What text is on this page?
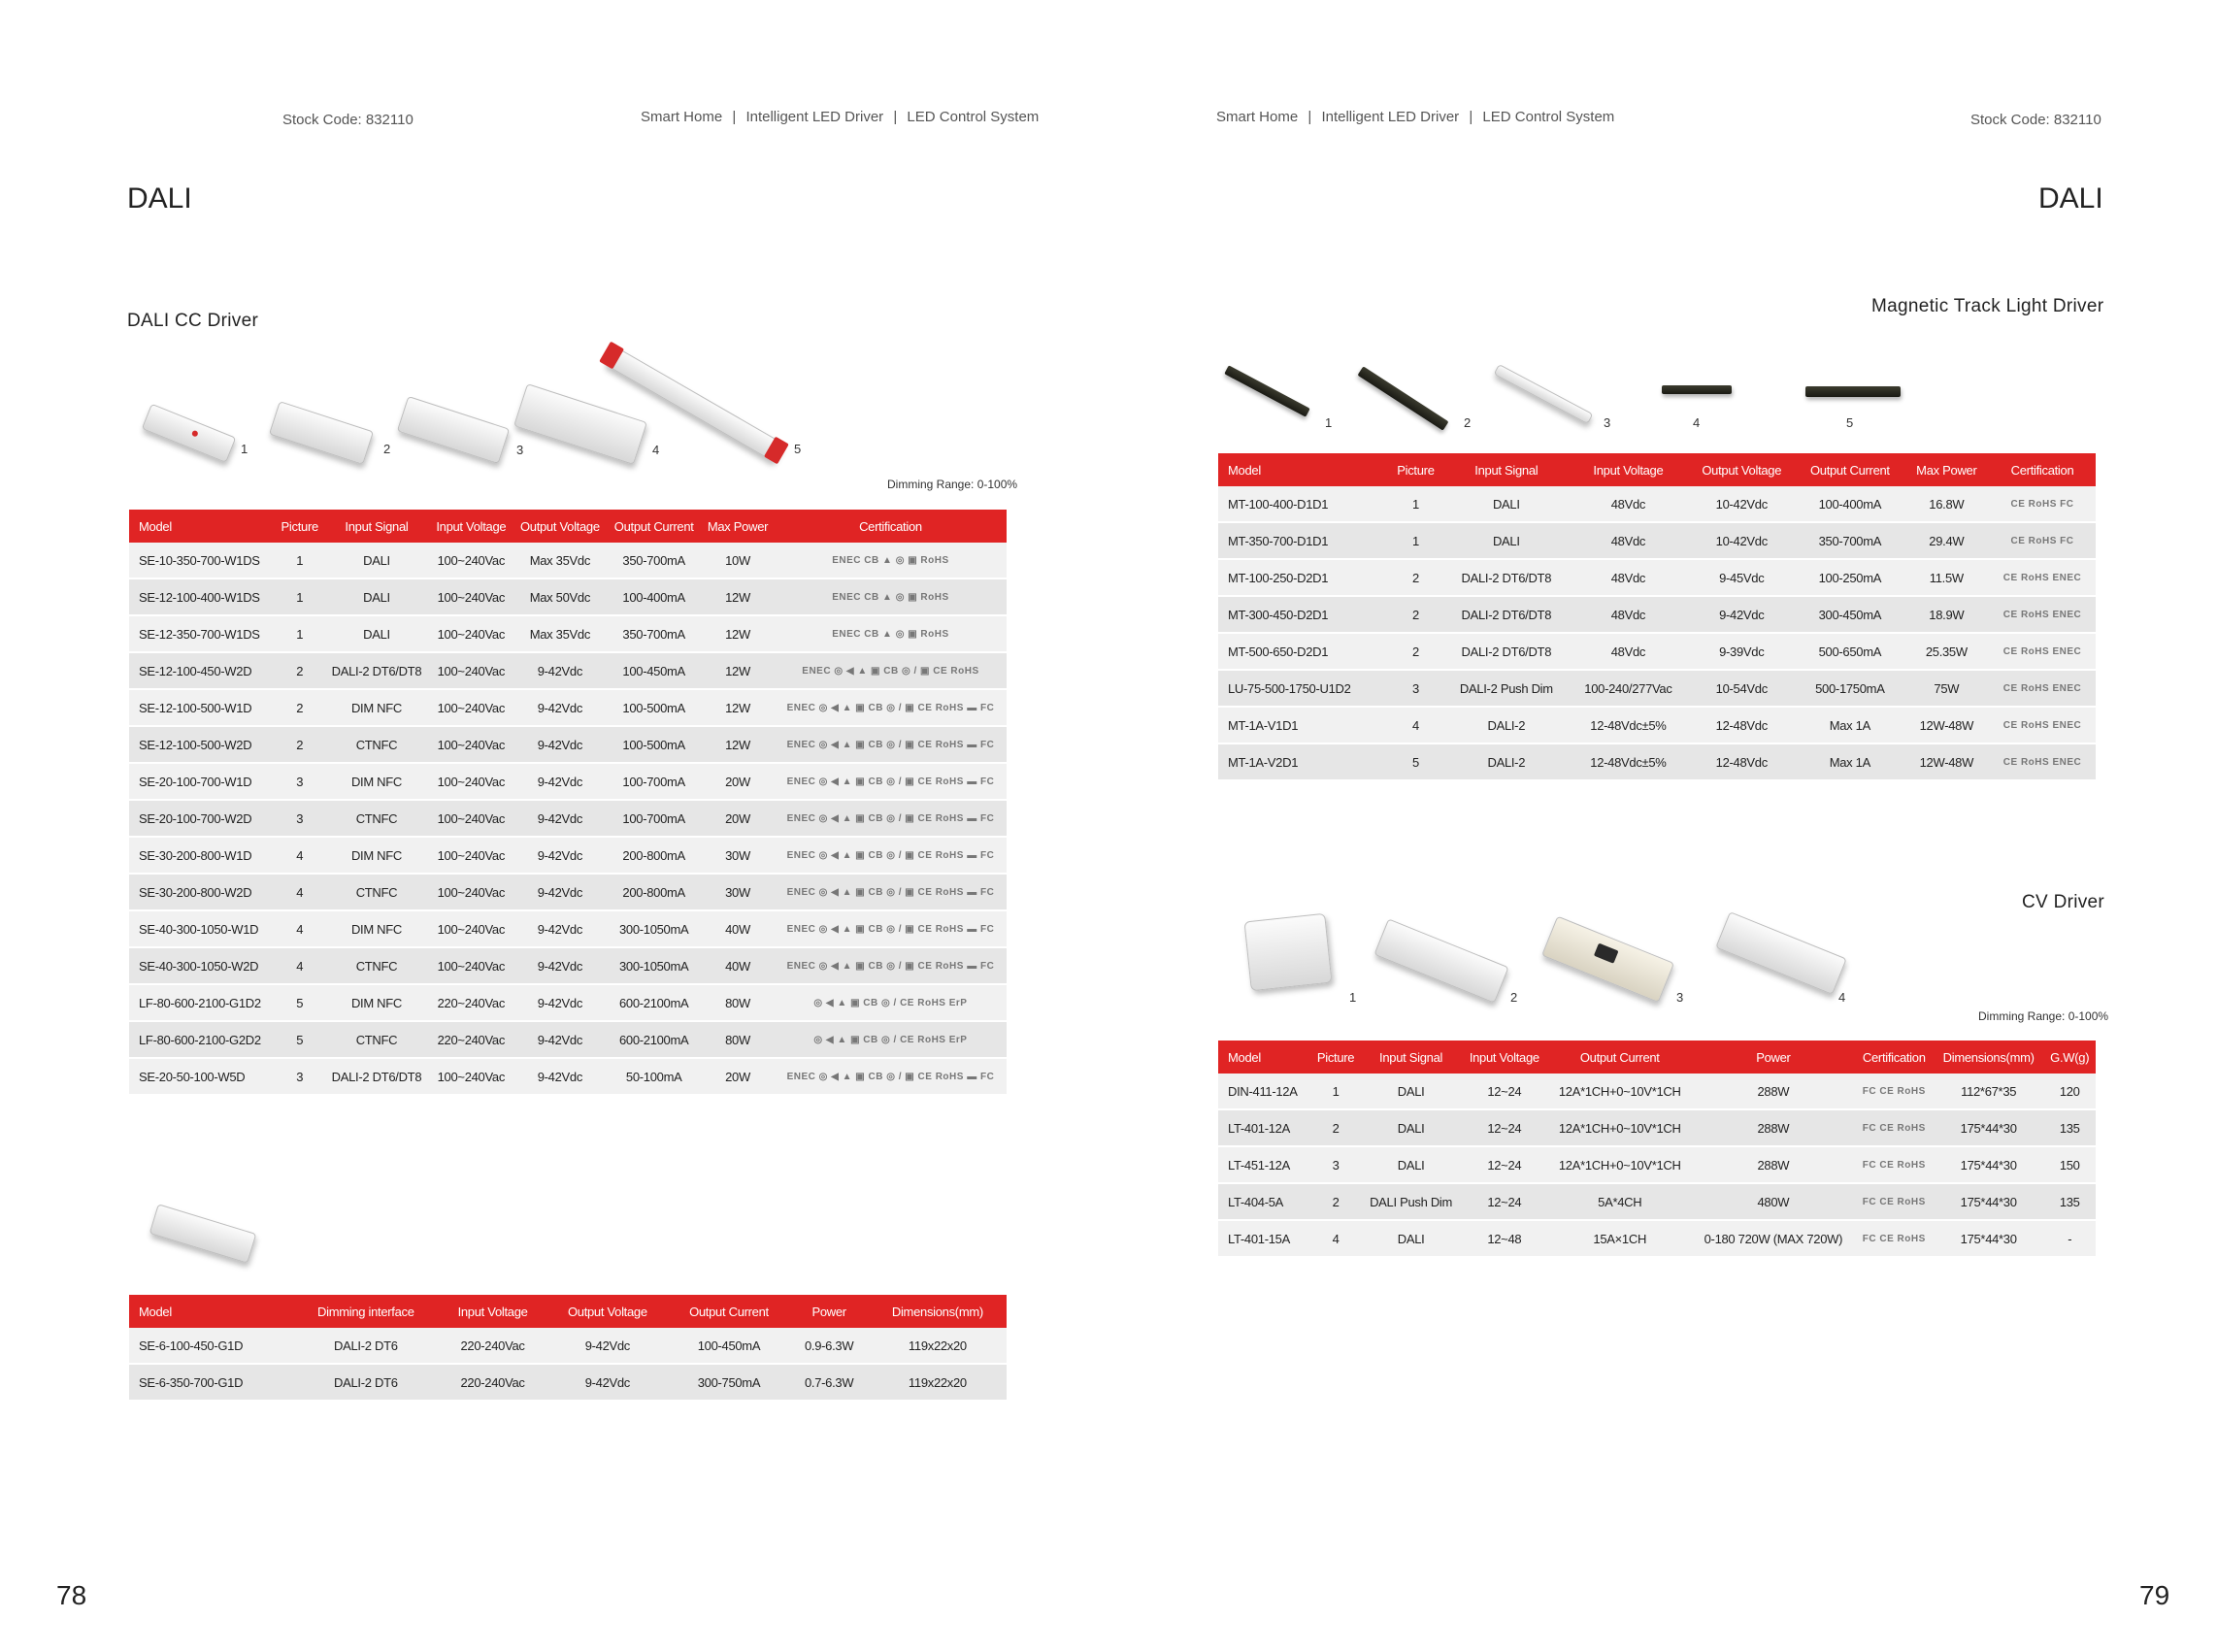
Stock Code: 832110	Smart Home | Intelligent LED Driver | LED Control System
DALI
DALI CC Driver
1	2	3	4	5
Dimming Range: 0-100%
Model	Picture	Input Signal	Input Voltage	Output Voltage	Output Current	Max Power	Certification
SE-10-350-700-W1DS	1	DALI	100~240Vac	Max 35Vdc	350-700mA	10W	ENEC CB ▲ ◎ ▣ RoHS
SE-12-100-400-W1DS	1	DALI	100~240Vac	Max 50Vdc	100-400mA	12W	ENEC CB ▲ ◎ ▣ RoHS
SE-12-350-700-W1DS	1	DALI	100~240Vac	Max 35Vdc	350-700mA	12W	ENEC CB ▲ ◎ ▣ RoHS
SE-12-100-450-W2D	2	DALI-2 DT6/DT8	100~240Vac	9-42Vdc	100-450mA	12W	ENEC ◎ ◀ ▲ ▣ CB ◎ / ▣ CE RoHS
SE-12-100-500-W1D	2	DIM NFC	100~240Vac	9-42Vdc	100-500mA	12W	ENEC ◎ ◀ ▲ ▣ CB ◎ / ▣ CE RoHS ▬ FC
SE-12-100-500-W2D	2	CTNFC	100~240Vac	9-42Vdc	100-500mA	12W	ENEC ◎ ◀ ▲ ▣ CB ◎ / ▣ CE RoHS ▬ FC
SE-20-100-700-W1D	3	DIM NFC	100~240Vac	9-42Vdc	100-700mA	20W	ENEC ◎ ◀ ▲ ▣ CB ◎ / ▣ CE RoHS ▬ FC
SE-20-100-700-W2D	3	CTNFC	100~240Vac	9-42Vdc	100-700mA	20W	ENEC ◎ ◀ ▲ ▣ CB ◎ / ▣ CE RoHS ▬ FC
SE-30-200-800-W1D	4	DIM NFC	100~240Vac	9-42Vdc	200-800mA	30W	ENEC ◎ ◀ ▲ ▣ CB ◎ / ▣ CE RoHS ▬ FC
SE-30-200-800-W2D	4	CTNFC	100~240Vac	9-42Vdc	200-800mA	30W	ENEC ◎ ◀ ▲ ▣ CB ◎ / ▣ CE RoHS ▬ FC
SE-40-300-1050-W1D	4	DIM NFC	100~240Vac	9-42Vdc	300-1050mA	40W	ENEC ◎ ◀ ▲ ▣ CB ◎ / ▣ CE RoHS ▬ FC
SE-40-300-1050-W2D	4	CTNFC	100~240Vac	9-42Vdc	300-1050mA	40W	ENEC ◎ ◀ ▲ ▣ CB ◎ / ▣ CE RoHS ▬ FC
LF-80-600-2100-G1D2	5	DIM NFC	220~240Vac	9-42Vdc	600-2100mA	80W	◎ ◀ ▲ ▣ CB ◎ / CE RoHS ErP
LF-80-600-2100-G2D2	5	CTNFC	220~240Vac	9-42Vdc	600-2100mA	80W	◎ ◀ ▲ ▣ CB ◎ / CE RoHS ErP
SE-20-50-100-W5D	3	DALI-2 DT6/DT8	100~240Vac	9-42Vdc	50-100mA	20W	ENEC ◎ ◀ ▲ ▣ CB ◎ / ▣ CE RoHS ▬ FC
Model	Dimming interface	Input Voltage	Output Voltage	Output Current	Power	Dimensions(mm)
SE-6-100-450-G1D	DALI-2 DT6	220-240Vac	9-42Vdc	100-450mA	0.9-6.3W	119x22x20
SE-6-350-700-G1D	DALI-2 DT6	220-240Vac	9-42Vdc	300-750mA	0.7-6.3W	119x22x20
78
Smart Home | Intelligent LED Driver | LED Control System	Stock Code: 832110
DALI
Magnetic Track Light Driver
1	2	3	4	5
Model	Picture	Input Signal	Input Voltage	Output Voltage	Output Current	Max Power	Certification
MT-100-400-D1D1	1	DALI	48Vdc	10-42Vdc	100-400mA	16.8W	CE RoHS FC
MT-350-700-D1D1	1	DALI	48Vdc	10-42Vdc	350-700mA	29.4W	CE RoHS FC
MT-100-250-D2D1	2	DALI-2 DT6/DT8	48Vdc	9-45Vdc	100-250mA	11.5W	CE RoHS ENEC
MT-300-450-D2D1	2	DALI-2 DT6/DT8	48Vdc	9-42Vdc	300-450mA	18.9W	CE RoHS ENEC
MT-500-650-D2D1	2	DALI-2 DT6/DT8	48Vdc	9-39Vdc	500-650mA	25.35W	CE RoHS ENEC
LU-75-500-1750-U1D2	3	DALI-2 Push Dim	100-240/277Vac	10-54Vdc	500-1750mA	75W	CE RoHS ENEC
MT-1A-V1D1	4	DALI-2	12-48Vdc±5%	12-48Vdc	Max 1A	12W-48W	CE RoHS ENEC
MT-1A-V2D1	5	DALI-2	12-48Vdc±5%	12-48Vdc	Max 1A	12W-48W	CE RoHS ENEC
CV Driver
1	2	3	4
Dimming Range: 0-100%
Model	Picture	Input Signal	Input Voltage	Output Current	Power	Certification	Dimensions(mm)	G.W(g)
DIN-411-12A	1	DALI	12~24	12A*1CH+0~10V*1CH	288W	FC CE RoHS	112*67*35	120
LT-401-12A	2	DALI	12~24	12A*1CH+0~10V*1CH	288W	FC CE RoHS	175*44*30	135
LT-451-12A	3	DALI	12~24	12A*1CH+0~10V*1CH	288W	FC CE RoHS	175*44*30	150
LT-404-5A	2	DALI Push Dim	12~24	5A*4CH	480W	FC CE RoHS	175*44*30	135
LT-401-15A	4	DALI	12~48	15A×1CH	0-180 720W (MAX 720W)	FC CE RoHS	175*44*30	-
79
